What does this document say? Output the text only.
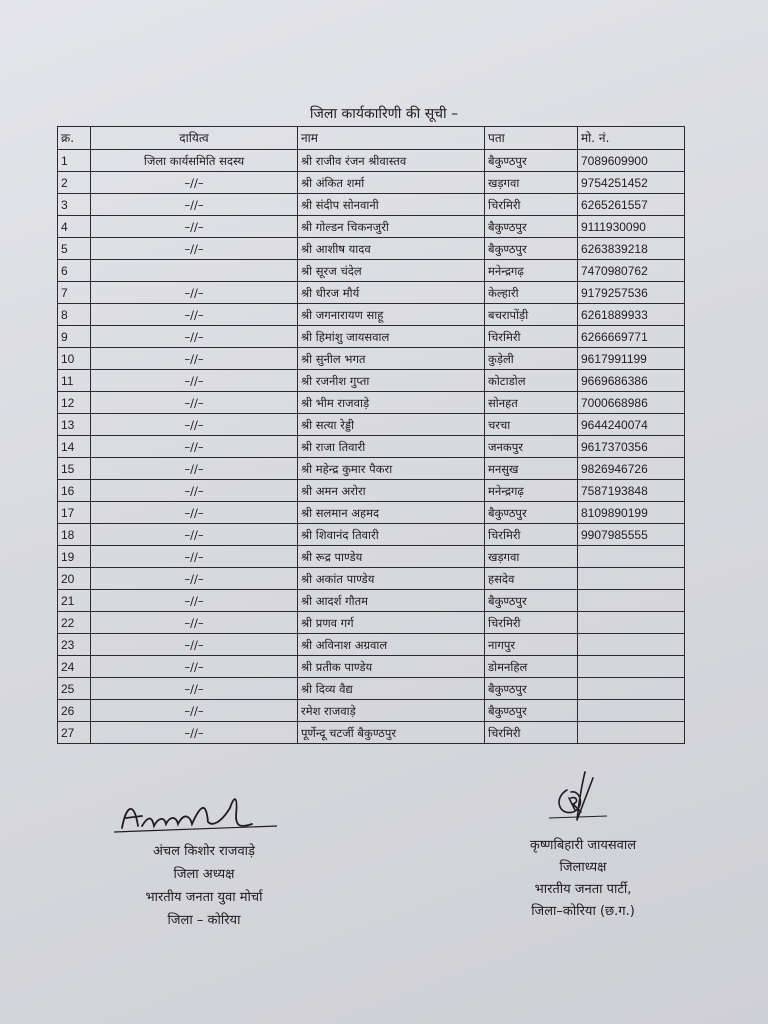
जिला कार्यकारिणी की सूची –
क्र.	दायित्व	नाम	पता	मो. नं.
1	जिला कार्यसमिति सदस्य	श्री राजीव रंजन श्रीवास्तव	बैकुण्ठपुर	7089609900
2	–//–	श्री अंकित शर्मा	खड़गवा	9754251452
3	–//–	श्री संदीप सोनवानी	चिरमिरी	6265261557
4	–//–	श्री गोल्डन चिकनजुरी	बैकुण्ठपुर	9111930090
5	–//–	श्री आशीष यादव	बैकुण्ठपुर	6263839218
6		श्री सूरज चंदेल	मनेन्द्रगढ़	7470980762
7	–//–	श्री धीरज मौर्य	केल्हारी	9179257536
8	–//–	श्री जगनारायण साहू	बचरापोंड़ी	6261889933
9	–//–	श्री हिमांशु जायसवाल	चिरमिरी	6266669771
10	–//–	श्री सुनील भगत	कुड़ेली	9617991199
11	–//–	श्री रजनीश गुप्ता	कोटाडोल	9669686386
12	–//–	श्री भीम राजवाड़े	सोनहत	7000668986
13	–//–	श्री सत्या रेड्डी	चरचा	9644240074
14	–//–	श्री राजा तिवारी	जनकपुर	9617370356
15	–//–	श्री महेन्द्र कुमार पैकरा	मनसुख	9826946726
16	–//–	श्री अमन अरोरा	मनेन्द्रगढ़	7587193848
17	–//–	श्री सलमान अहमद	बैकुण्ठपुर	8109890199
18	–//–	श्री शिवानंद तिवारी	चिरमिरी	9907985555
19	–//–	श्री रूद्र पाण्डेय	खड़गवा	
20	–//–	श्री अकांत पाण्डेय	हसदेव	
21	–//–	श्री आदर्श गौतम	बैकुण्ठपुर	
22	–//–	श्री प्रणव गर्ग	चिरमिरी	
23	–//–	श्री अविनाश अग्रवाल	नागपुर	
24	–//–	श्री प्रतीक पाण्डेय	डोमनहिल	
25	–//–	श्री दिव्य वैद्य	बैकुण्ठपुर	
26	–//–	रमेश राजवाड़े	बैकुण्ठपुर	
27	–//–	पूर्णेन्दू चटर्जी बैकुण्ठपुर	चिरमिरी	
अंचल किशोर राजवाड़े
जिला अध्यक्ष
भारतीय जनता युवा मोर्चा
जिला – कोरिया
कृष्णबिहारी जायसवाल
जिलाध्यक्ष
भारतीय जनता पार्टी,
जिला–कोरिया (छ.ग.)
